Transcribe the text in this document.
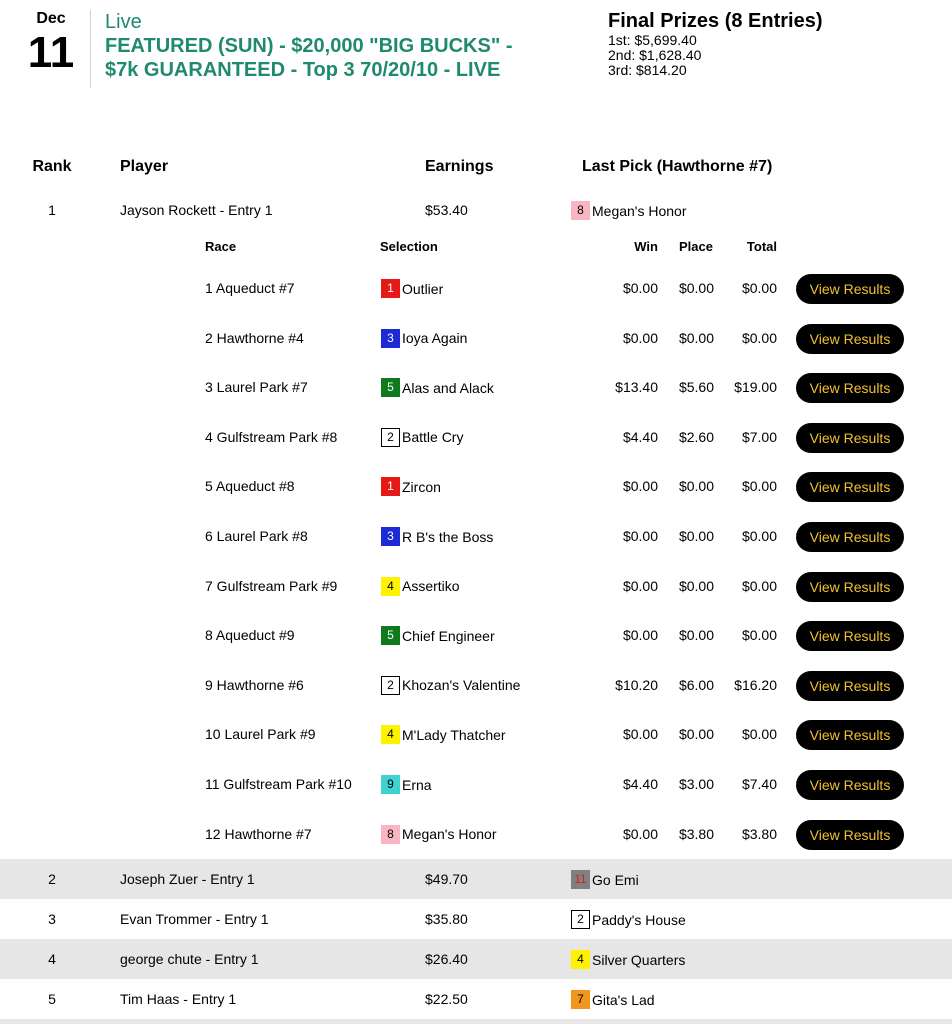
Dec
11
Live
FEATURED (SUN) - $20,000 "BIG BUCKS" -
$7k GUARANTEED - Top 3 70/20/10 - LIVE
Final Prizes (8 Entries)
1st: $5,699.40
2nd: $1,628.40
3rd: $814.20
Rank	Player	Earnings	Last Pick (Hawthorne #7)
1	Jayson Rockett - Entry 1	$53.40	8 Megan's Honor
Race	Selection	Win	Place	Total
1 Aqueduct #7	1 Outlier	$0.00	$0.00	$0.00	View Results
2 Hawthorne #4	3 Ioya Again	$0.00	$0.00	$0.00	View Results
3 Laurel Park #7	5 Alas and Alack	$13.40	$5.60	$19.00	View Results
4 Gulfstream Park #8	2 Battle Cry	$4.40	$2.60	$7.00	View Results
5 Aqueduct #8	1 Zircon	$0.00	$0.00	$0.00	View Results
6 Laurel Park #8	3 R B's the Boss	$0.00	$0.00	$0.00	View Results
7 Gulfstream Park #9	4 Assertiko	$0.00	$0.00	$0.00	View Results
8 Aqueduct #9	5 Chief Engineer	$0.00	$0.00	$0.00	View Results
9 Hawthorne #6	2 Khozan's Valentine	$10.20	$6.00	$16.20	View Results
10 Laurel Park #9	4 M'Lady Thatcher	$0.00	$0.00	$0.00	View Results
11 Gulfstream Park #10	9 Erna	$4.40	$3.00	$7.40	View Results
12 Hawthorne #7	8 Megan's Honor	$0.00	$3.80	$3.80	View Results
2	Joseph Zuer - Entry 1	$49.70	11 Go Emi
3	Evan Trommer - Entry 1	$35.80	2 Paddy's House
4	george chute - Entry 1	$26.40	4 Silver Quarters
5	Tim Haas - Entry 1	$22.50	7 Gita's Lad
